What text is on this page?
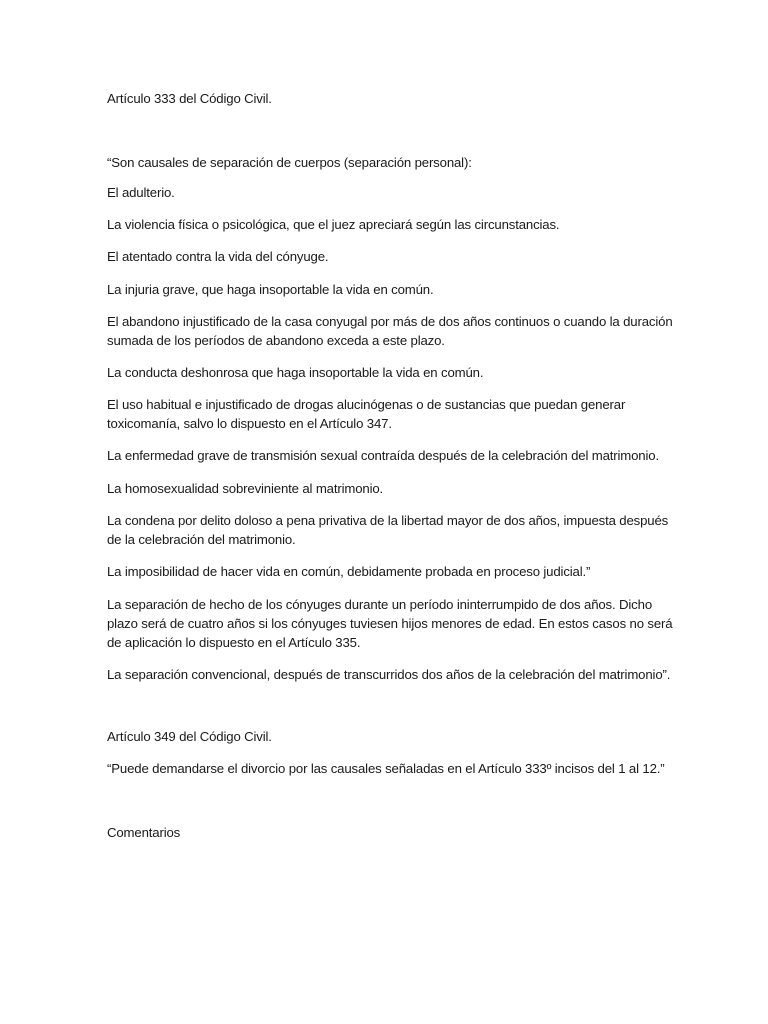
Artículo 333 del Código Civil.
“Son causales de separación de cuerpos (separación personal):
El adulterio.
La violencia física o psicológica, que el juez apreciará según las circunstancias.
El atentado contra la vida del cónyuge.
La injuria grave, que haga insoportable la vida en común.
El abandono injustificado de la casa conyugal por más de dos años continuos o cuando la duración
sumada de los períodos de abandono exceda a este plazo.
La conducta deshonrosa que haga insoportable la vida en común.
El uso habitual e injustificado de drogas alucinógenas o de sustancias que puedan generar
toxicomanía, salvo lo dispuesto en el Artículo 347.
La enfermedad grave de transmisión sexual contraída después de la celebración del matrimonio.
La homosexualidad sobreviniente al matrimonio.
La condena por delito doloso a pena privativa de la libertad mayor de dos años, impuesta después
de la celebración del matrimonio.
La imposibilidad de hacer vida en común, debidamente probada en proceso judicial.”
La separación de hecho de los cónyuges durante un período ininterrumpido de dos años. Dicho
plazo será de cuatro años si los cónyuges tuviesen hijos menores de edad. En estos casos no será
de aplicación lo dispuesto en el Artículo 335.
La separación convencional, después de transcurridos dos años de la celebración del matrimonio”.
Artículo 349 del Código Civil.
“Puede demandarse el divorcio por las causales señaladas en el Artículo 333º incisos del 1 al 12.”
Comentarios
